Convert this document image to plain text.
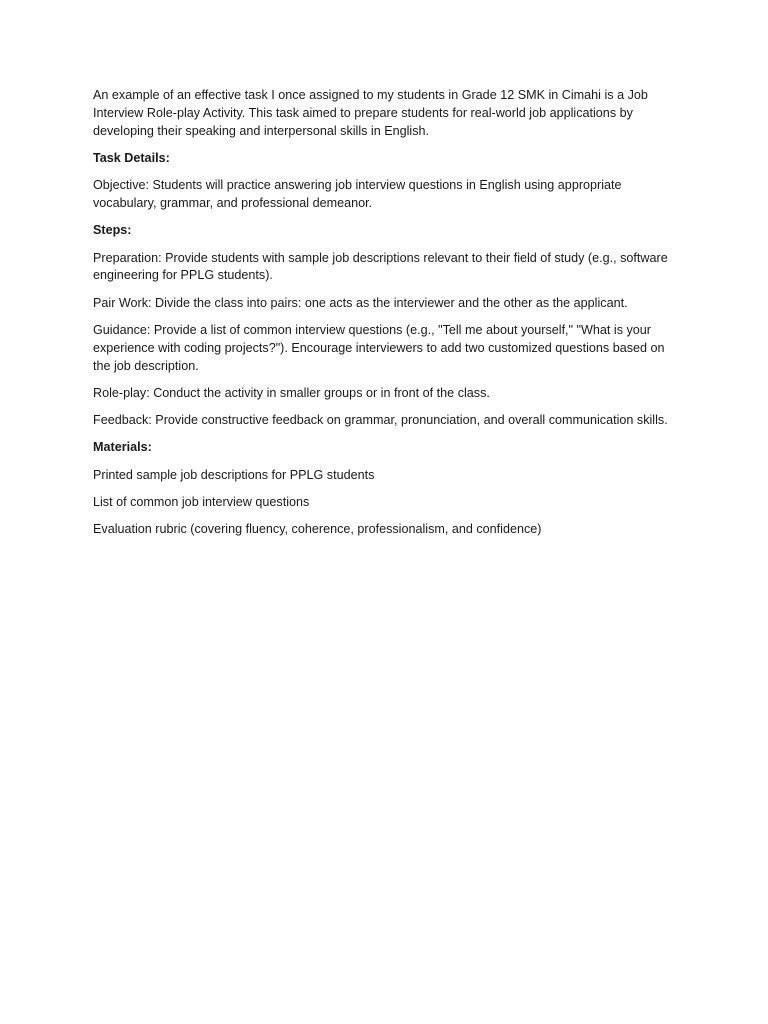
An example of an effective task I once assigned to my students in Grade 12 SMK in Cimahi is a Job Interview Role-play Activity. This task aimed to prepare students for real-world job applications by developing their speaking and interpersonal skills in English.

Task Details:

Objective: Students will practice answering job interview questions in English using appropriate vocabulary, grammar, and professional demeanor.

Steps:

Preparation: Provide students with sample job descriptions relevant to their field of study (e.g., software engineering for PPLG students).

Pair Work: Divide the class into pairs: one acts as the interviewer and the other as the applicant.

Guidance: Provide a list of common interview questions (e.g., "Tell me about yourself," "What is your experience with coding projects?"). Encourage interviewers to add two customized questions based on the job description.

Role-play: Conduct the activity in smaller groups or in front of the class.

Feedback: Provide constructive feedback on grammar, pronunciation, and overall communication skills.

Materials:

Printed sample job descriptions for PPLG students

List of common job interview questions

Evaluation rubric (covering fluency, coherence, professionalism, and confidence)
